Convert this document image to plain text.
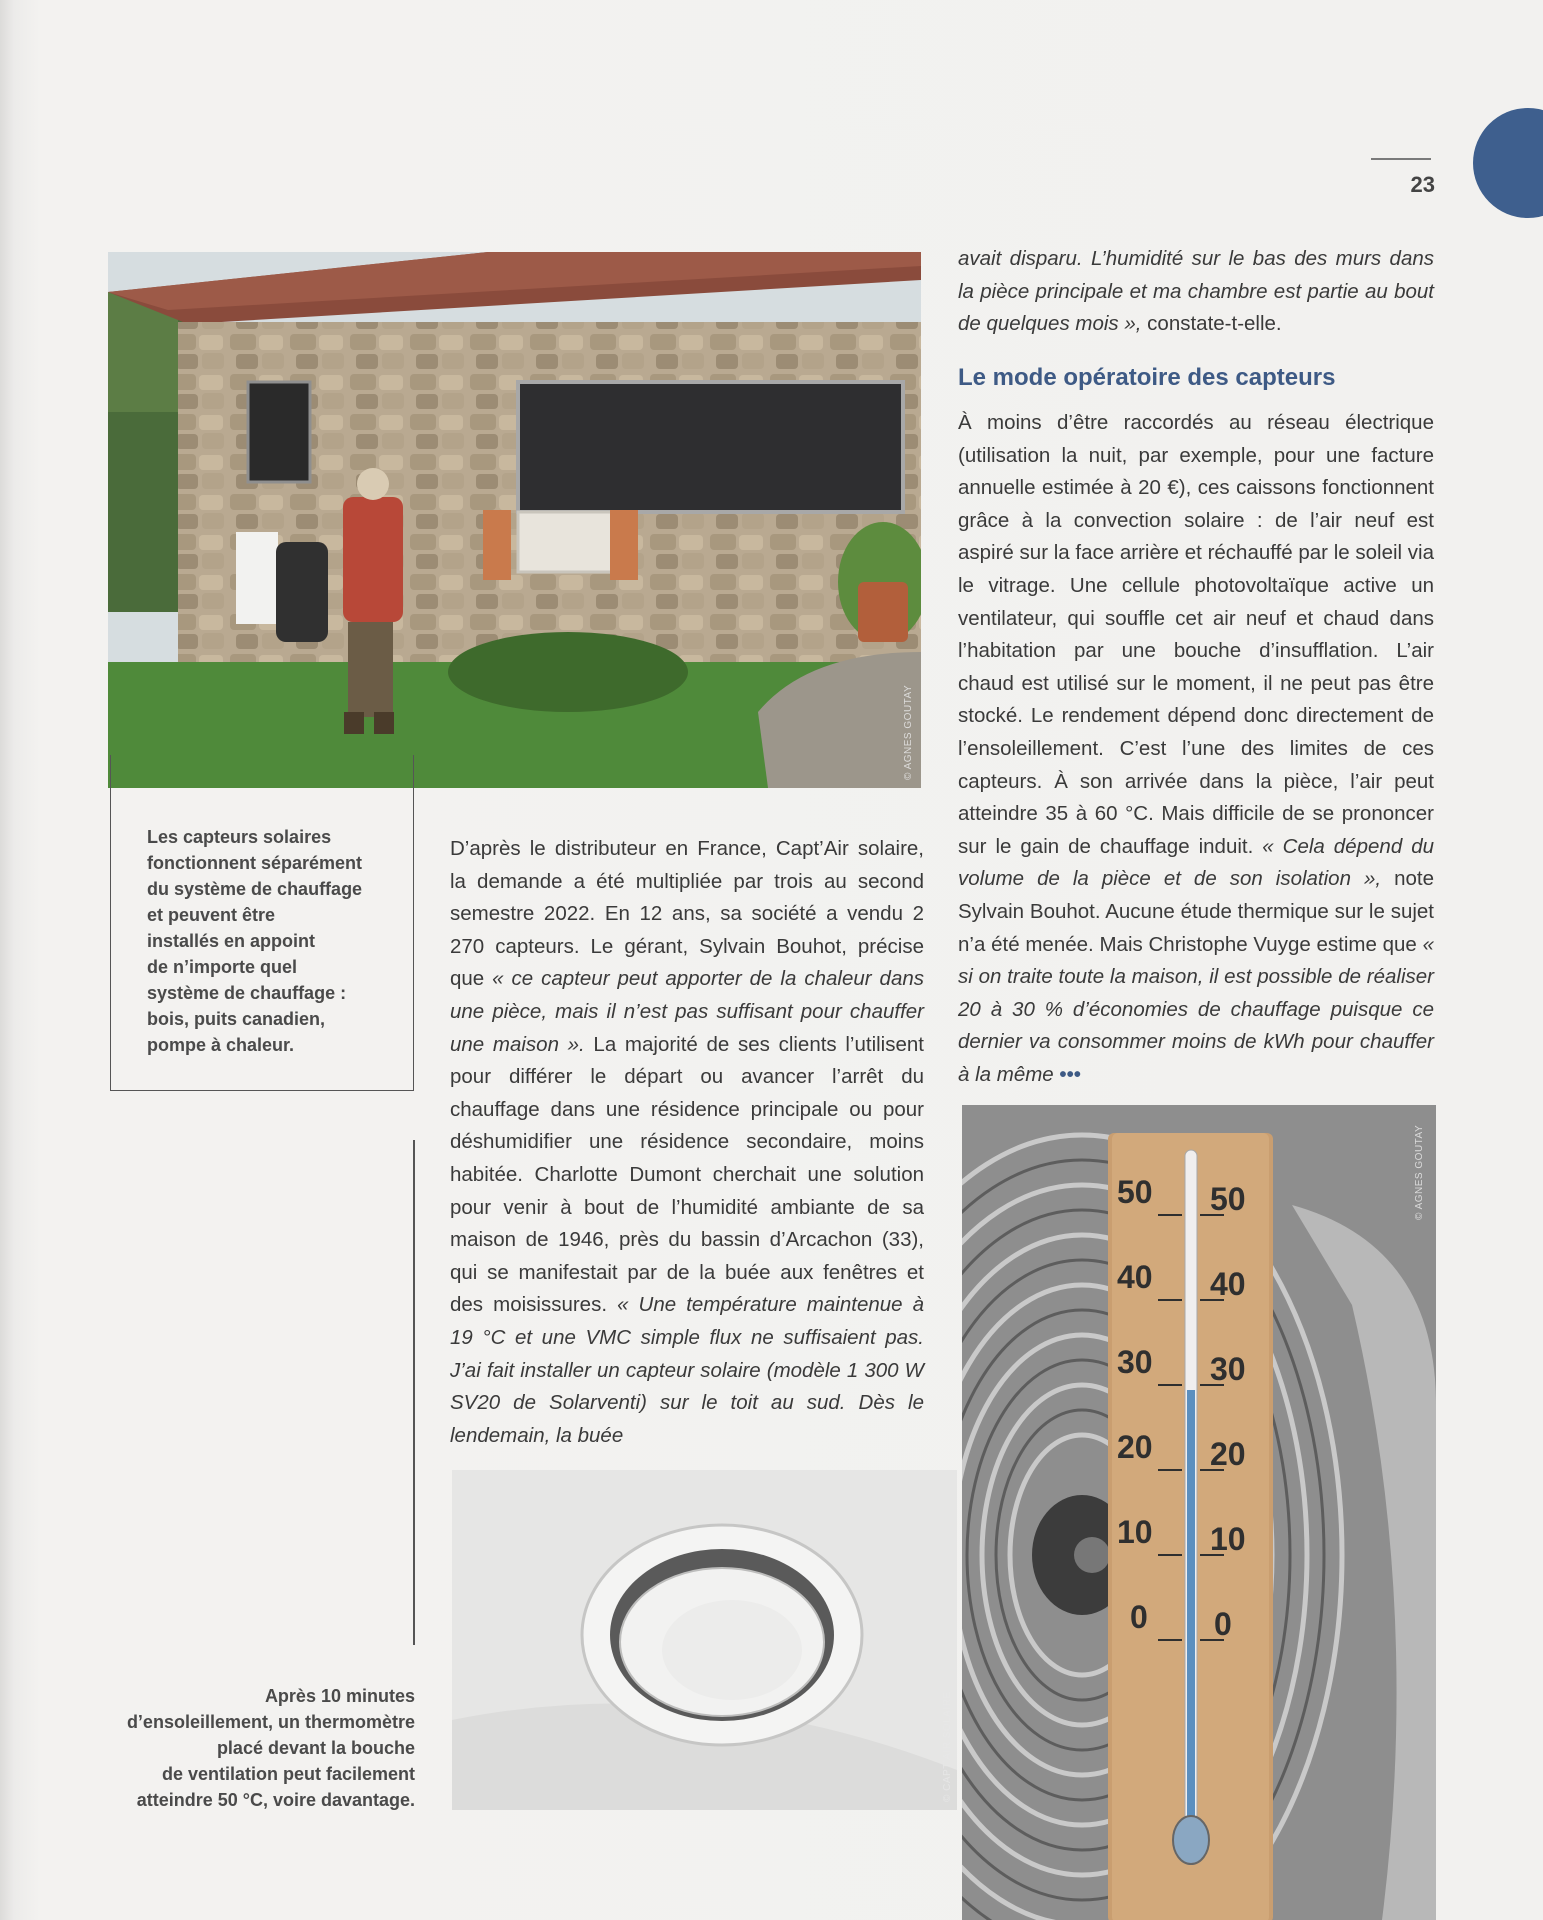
23
© AGNES GOUTAY
Les capteurs solaires
fonctionnent séparément
du système de chauffage
et peuvent être
installés en appoint
de n’importe quel
système de chauffage :
bois, puits canadien,
pompe à chaleur.
Après 10 minutes
d’ensoleillement, un thermomètre
placé devant la bouche
de ventilation peut facilement
atteindre 50 °C, voire davantage.

D’après le distributeur en France, Capt’Air solaire, la demande a été multipliée par trois au second semestre 2022. En 12 ans, sa société a vendu 2 270 capteurs. Le gérant, Sylvain Bouhot, précise que « ce capteur peut apporter de la chaleur dans une pièce, mais il n’est pas suffisant pour chauffer une maison ». La majorité de ses clients l’utilisent pour différer le départ ou avancer l’arrêt du chauffage dans une résidence principale ou pour déshumidifier une résidence secondaire, moins habitée. Charlotte Dumont cherchait une solution pour venir à bout de l’humidité ambiante de sa maison de 1946, près du bassin d’Arcachon (33), qui se manifestait par de la buée aux fenêtres et des moisissures. « Une température maintenue à 19 °C et une VMC simple flux ne suffisaient pas. J’ai fait installer un capteur solaire (modèle 1 300 W SV20 de Solarventi) sur le toit au sud. Dès le lendemain, la buée

avait disparu. L’humidité sur le bas des murs dans la pièce principale et ma chambre est partie au bout de quelques mois », constate-t-elle.

Le mode opératoire des capteurs

À moins d’être raccordés au réseau électrique (utilisation la nuit, par exemple, pour une facture annuelle estimée à 20 €), ces caissons fonctionnent grâce à la convection solaire : de l’air neuf est aspiré sur la face arrière et réchauffé par le soleil via le vitrage. Une cellule photovoltaïque active un ventilateur, qui souffle cet air neuf et chaud dans l’habitation par une bouche d’insufflation. L’air chaud est utilisé sur le moment, il ne peut pas être stocké. Le rendement dépend donc directement de l’ensoleillement. C’est l’une des limites de ces capteurs. À son arrivée dans la pièce, l’air peut atteindre 35 à 60 °C. Mais difficile de se prononcer sur le gain de chauffage induit. « Cela dépend du volume de la pièce et de son isolation », note Sylvain Bouhot. Aucune étude thermique sur le sujet n’a été menée. Mais Christophe Vuyge estime que « si on traite toute la maison, il est possible de réaliser 20 à 30 % d’économies de chauffage puisque ce dernier va consommer moins de kWh pour chauffer à la même •••

© CAPT'AIR SOLAIRE
50 50
40 40
30 30
20 20
10 10
0 0
© AGNES GOUTAY
